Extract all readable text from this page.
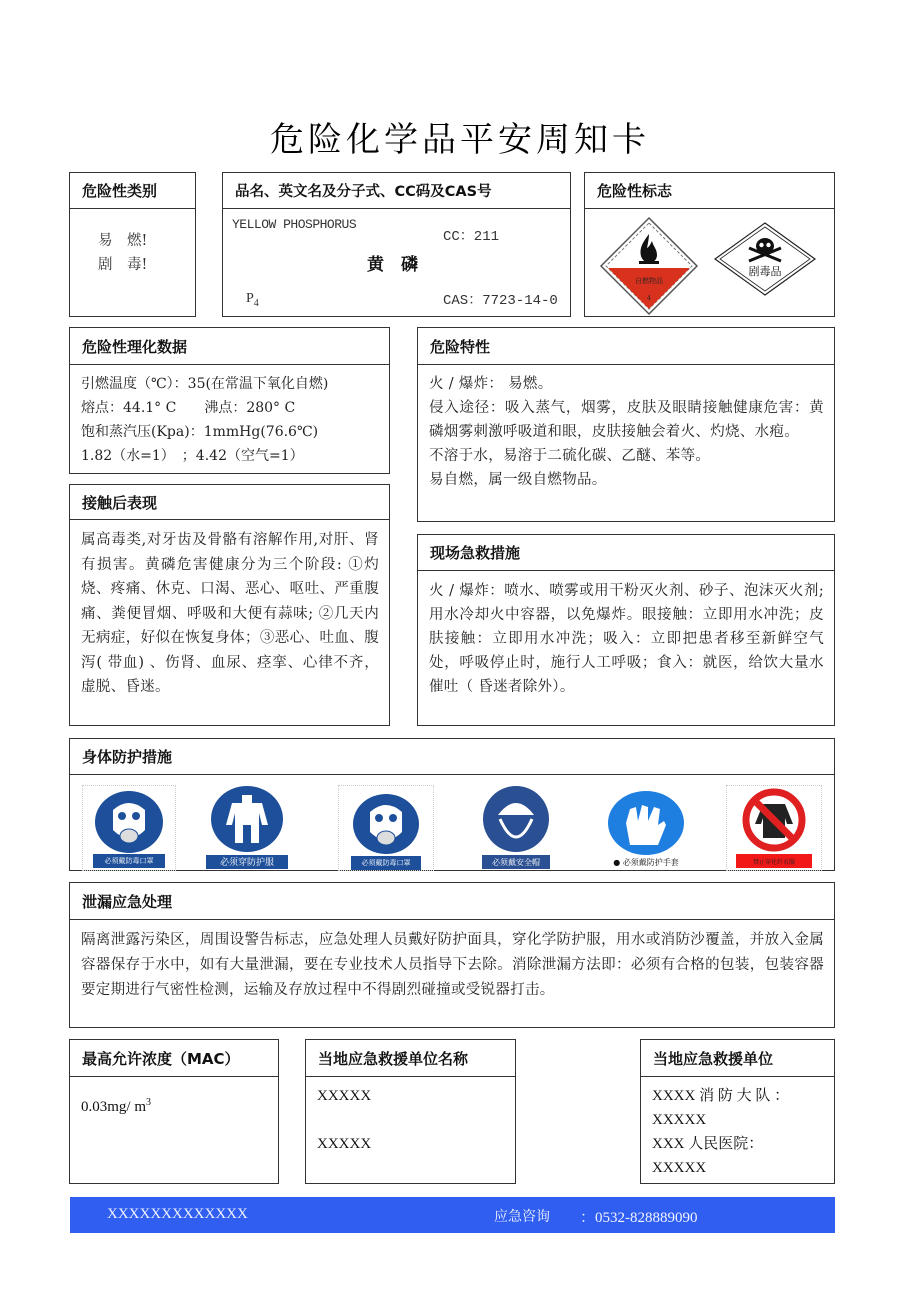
危险化学品平安周知卡
危险性类别
易　燃!
剧　毒!
品名、英文名及分子式、CC码及CAS号
YELLOW PHOSPHORUS
CC：211
黄　磷
$P_4$	CAS：7723-14-0
危险性标志
自燃物品
4
剧毒品
危险性理化数据

引燃温度（℃）：35(在常温下氧化自燃)

熔点：44.1° C　　沸点：280° C

饱和蒸汽压(Kpa)：1mmHg(76.6℃)

1.82（水=1）　；4.42（空气=1）

危险特性

火 / 爆炸： 易燃。

侵入途径：吸入蒸气，烟雾，皮肤及眼睛接触健康危害：黄磷烟雾刺激呼吸道和眼，皮肤接触会着火、灼烧、水疱。

不溶于水，易溶于二硫化碳、乙醚、苯等。

易自燃，属一级自燃物品。

接触后表现

属高毒类,对牙齿及骨骼有溶解作用,对肝、肾有损害。黄磷危害健康分为三个阶段: ①灼烧、疼痛、休克、口渴、恶心、呕吐、严重腹痛、粪便冒烟、呼吸和大便有蒜味; ②几天内无病症，好似在恢复身体；③恶心、吐血、腹泻( 带血) 、伤肾、血尿、痉挛、心律不齐，虚脱、昏迷。

现场急救措施

火 / 爆炸：喷水、喷雾或用干粉灭火剂、砂子、泡沫灭火剂; 用水冷却火中容器，以免爆炸。眼接触：立即用水冲洗；皮肤接触：立即用水冲洗；吸入：立即把患者移至新鲜空气处，呼吸停止时，施行人工呼吸；食入：就医，给饮大量水催吐（ 昏迷者除外）。

身体防护措施
必须戴防毒口罩	必须穿防护服	必须戴防毒口罩	必须戴安全帽	● 必须戴防护手套	禁止穿化纤衣服
泄漏应急处理

隔离泄露污染区，周围设警告标志，应急处理人员戴好防护面具，穿化学防护服，用水或消防沙覆盖，并放入金属容器保存于水中，如有大量泄漏，要在专业技术人员指导下去除。消除泄漏方法即：必须有合格的包装，包装容器要定期进行气密性检测，运输及存放过程中不得剧烈碰撞或受锐器打击。

最高允许浓度（MAC）
0.03mg/ $m^3$
当地应急救援单位名称
XXXXX
XXXXX
当地应急救援单位
XXXX 消 防 大 队 ：
XXXXX
XXX 人民医院：
XXXXX
XXXXXXXXXXXXX	应急咨询 ：0532-828889090
